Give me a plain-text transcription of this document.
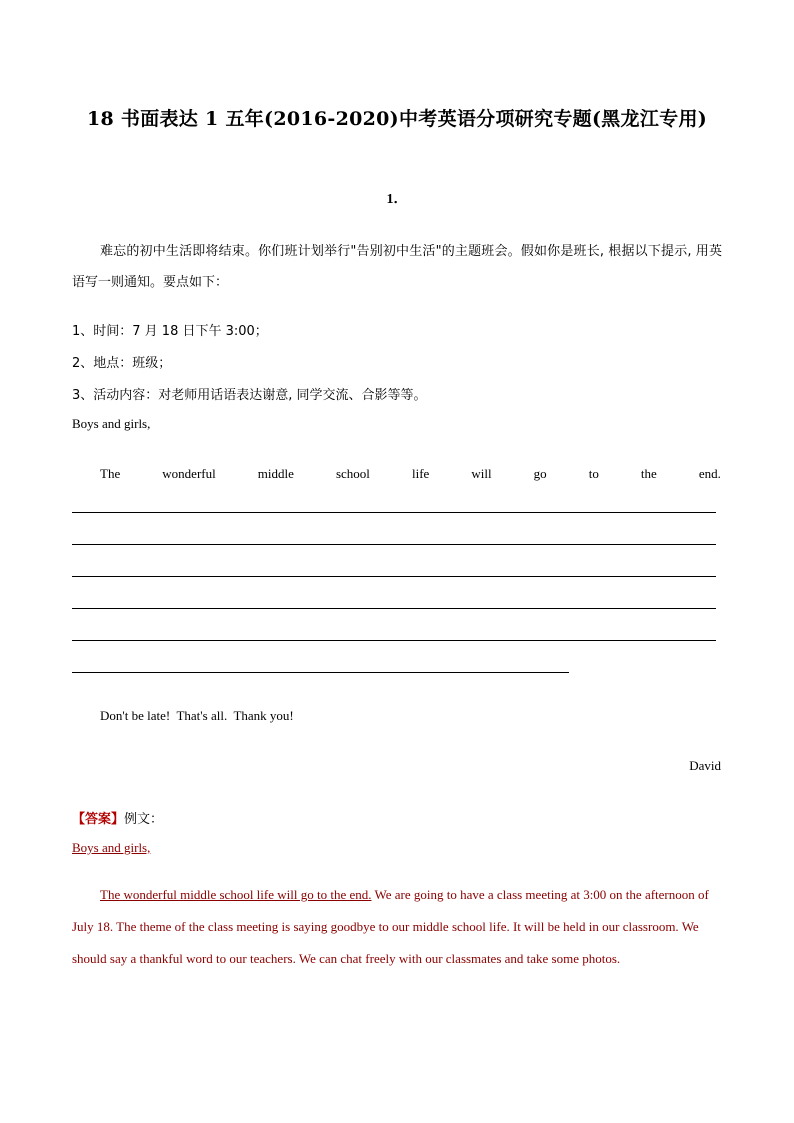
18 书面表达 1 五年(2016-2020)中考英语分项研究专题(黑龙江专用)
1．
难忘的初中生活即将结束。你们班计划举行"告别初中生活"的主题班会。假如你是班长, 根据以下提示, 用英语写一则通知。要点如下：
1、时间：7 月 18 日下午 3:00；
2、地点：班级；
3、活动内容：对老师用话语表达谢意, 同学交流、合影等等。
Boys and girls,
The	wonderful	middle	school	life	will	go	to	the	end.
Don't be late!  That's all.  Thank you!
David
【答案】例文：
Boys and girls,
The wonderful middle school life will go to the end. We are going to have a class meeting at 3:00 on the afternoon of July 18. The theme of the class meeting is saying goodbye to our middle school life. It will be held in our classroom. We should say a thankful word to our teachers. We can chat freely with our classmates and take some photos.
